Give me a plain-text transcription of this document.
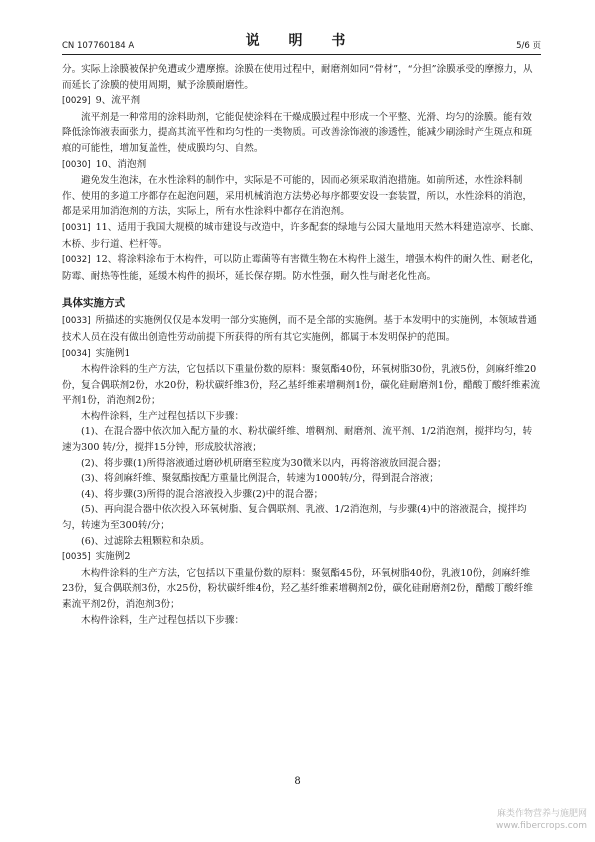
CN 107760184 A	说 明 书	5/6 页

分。实际上涂膜被保护免遭或少遭摩擦。涂膜在使用过程中，耐磨剂如同“骨材”，“分担”涂膜承受的摩擦力，从而延长了涂膜的使用周期，赋予涂膜耐磨性。

[0029] 9、流平剂

流平剂是一种常用的涂料助剂，它能促使涂料在干燥成膜过程中形成一个平整、光滑、均匀的涂膜。能有效降低涂饰液表面张力，提高其流平性和均匀性的一类物质。可改善涂饰液的渗透性，能减少刷涂时产生斑点和斑痕的可能性，增加复盖性，使成膜均匀、自然。

[0030] 10、消泡剂

避免发生泡沫，在水性涂料的制作中，实际是不可能的，因而必须采取消泡措施。如前所述，水性涂料制作、使用的多道工序都存在起泡问题，采用机械消泡方法势必每序都要安设一套装置，所以，水性涂料的消泡，都是采用加消泡剂的方法，实际上，所有水性涂料中都存在消泡剂。

[0031] 11、适用于我国大规模的城市建设与改造中，许多配套的绿地与公园大量地用天然木料建造凉亭、长廊、木桥、步行道、栏杆等。

[0032] 12、将涂料涂布于木构件，可以防止霉菌等有害微生物在木构件上滋生，增强木构件的耐久性、耐老化，防霉、耐热等性能，延缓木构件的损坏，延长保存期。防水性强，耐久性与耐老化性高。

具体实施方式

[0033] 所描述的实施例仅仅是本发明一部分实施例，而不是全部的实施例。基于本发明中的实施例，本领域普通技术人员在没有做出创造性劳动前提下所获得的所有其它实施例，都属于本发明保护的范围。

[0034] 实施例1

木构件涂料的生产方法，它包括以下重量份数的原料：聚氨酯40份，环氧树脂30份，乳液5份，剑麻纤维20份，复合偶联剂2份，水20份，粉状碳纤维3份，羟乙基纤维素增稠剂1份，碳化硅耐磨剂1份，醋酸丁酸纤维素流平剂1份，消泡剂2份；

木构件涂料，生产过程包括以下步骤：

(1)、在混合器中依次加入配方量的水、粉状碳纤维、增稠剂、耐磨剂、流平剂、1/2消泡剂，搅拌均匀，转速为300 转/分，搅拌15分钟，形成胶状溶液；

(2)、将步骤(1)所得溶液通过磨砂机研磨至粒度为30微米以内，再将溶液放回混合器；

(3)、将剑麻纤维、聚氨酯按配方重量比例混合，转速为1000转/分，得到混合溶液；

(4)、将步骤(3)所得的混合溶液投入步骤(2)中的混合器；

(5)、再向混合器中依次投入环氧树脂、复合偶联剂、乳液、1/2消泡剂，与步骤(4)中的溶液混合，搅拌均匀，转速为至300转/分；

(6)、过滤除去粗颗粒和杂质。

[0035] 实施例2

木构件涂料的生产方法，它包括以下重量份数的原料：聚氨酯45份，环氧树脂40份，乳液10份，剑麻纤维23份，复合偶联剂3份，水25份，粉状碳纤维4份，羟乙基纤维素增稠剂2份，碳化硅耐磨剂2份，醋酸丁酸纤维素流平剂2份，消泡剂3份；

木构件涂料，生产过程包括以下步骤：

8
麻类作物营养与施肥网
www.fibercrops.com
